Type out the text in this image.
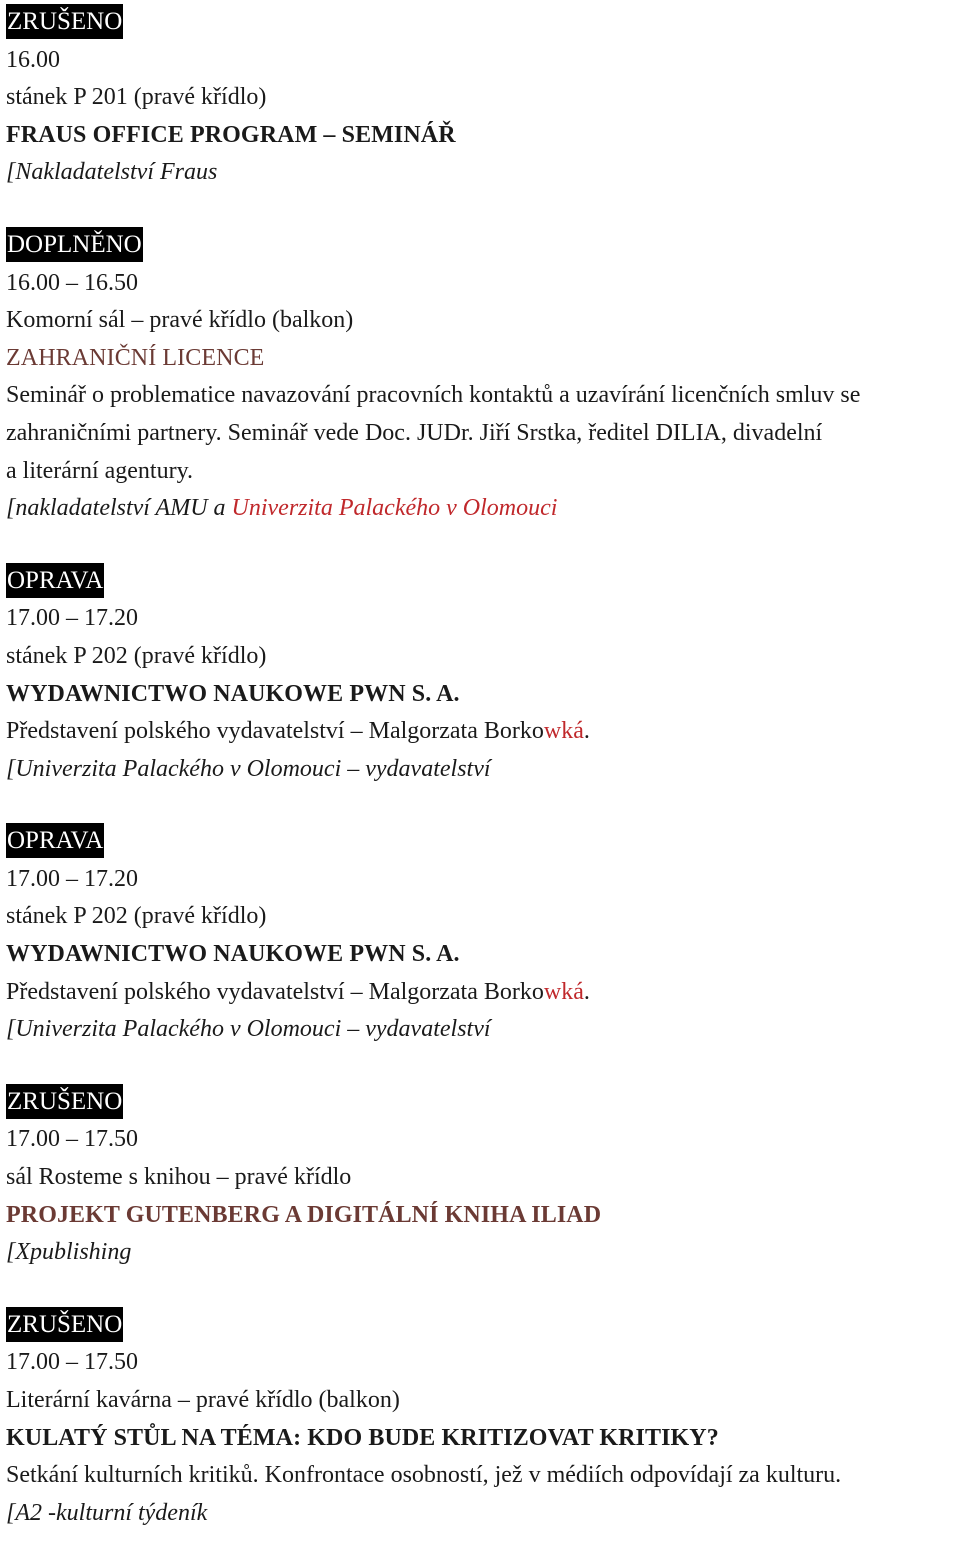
ZRUŠENO
16.00
stánek P 201 (pravé křídlo)
FRAUS OFFICE PROGRAM – SEMINÁŘ
[Nakladatelství Fraus
DOPLNĚNO
16.00 – 16.50
Komorní sál – pravé křídlo (balkon)
ZAHRANIČNÍ LICENCE
Seminář o problematice navazování pracovních kontaktů a uzavírání licenčních smluv se
zahraničními partnery. Seminář vede Doc. JUDr. Jiří Srstka, ředitel DILIA, divadelní
a literární agentury.
[nakladatelství AMU a Univerzita Palackého v Olomouci
OPRAVA
17.00 – 17.20
stánek P 202 (pravé křídlo)
WYDAWNICTWO NAUKOWE PWN S. A.
Představení polského vydavatelství – Malgorzata Borkowká.
[Univerzita Palackého v Olomouci – vydavatelství
OPRAVA
17.00 – 17.20
stánek P 202 (pravé křídlo)
WYDAWNICTWO NAUKOWE PWN S. A.
Představení polského vydavatelství – Malgorzata Borkowká.
[Univerzita Palackého v Olomouci – vydavatelství
ZRUŠENO
17.00 – 17.50
sál Rosteme s knihou – pravé křídlo
PROJEKT GUTENBERG A DIGITÁLNÍ KNIHA ILIAD
[Xpublishing
ZRUŠENO
17.00 – 17.50
Literární kavárna – pravé křídlo (balkon)
KULATÝ STŮL NA TÉMA: KDO BUDE KRITIZOVAT KRITIKY?
Setkání kulturních kritiků. Konfrontace osobností, jež v médiích odpovídají za kulturu.
[A2 -kulturní týdeník
